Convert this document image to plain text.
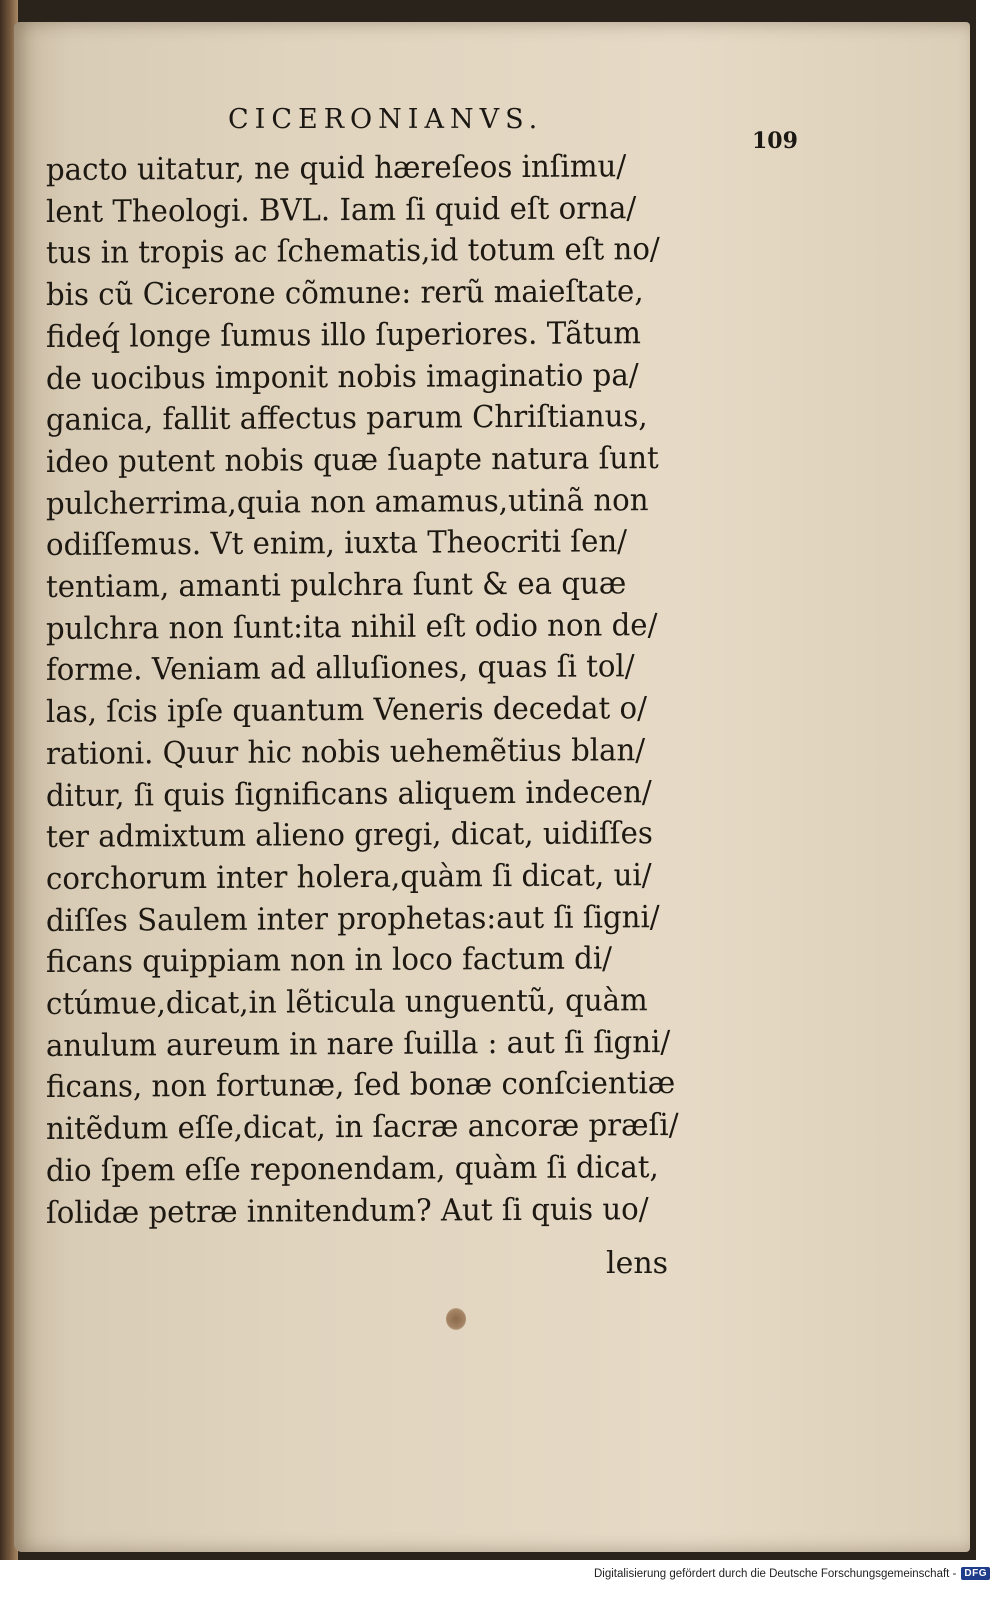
CICERONIANVS.
109
pacto uitatur, ne quid hæreſeos inſimu/
lent Theologi. BVL. Iam ſi quid eſt orna/
tus in tropis ac ſchematis,id totum eſt no/
bis cũ Cicerone cõmune: rerũ maieſtate,
fideq́ longe ſumus illo ſuperiores. Tãtum
de uocibus imponit nobis imaginatio pa/
ganica, fallit affectus parum Chriſtianus,
ideo putent nobis quæ ſuapte natura ſunt
pulcherrima,quia non amamus,utinã non
odiſſemus. Vt enim, iuxta Theocriti ſen/
tentiam, amanti pulchra ſunt & ea quæ
pulchra non ſunt:ita nihil eſt odio non de/
forme. Veniam ad alluſiones, quas ſi tol/
las, ſcis ipſe quantum Veneris decedat o/
rationi. Quur hic nobis uehemẽtius blan/
ditur, ſi quis ſignificans aliquem indecen/
ter admixtum alieno gregi, dicat, uidiſſes
corchorum inter holera,quàm ſi dicat, ui/
diſſes Saulem inter prophetas:aut ſi ſigni/
ficans quippiam non in loco factum di/
ctúmue,dicat,in lẽticula unguentũ, quàm
anulum aureum in nare ſuilla : aut ſi ſigni/
ficans, non fortunæ, ſed bonæ conſcientiæ
nitẽdum eſſe,dicat, in ſacræ ancoræ præſi/
dio ſpem eſſe reponendam, quàm ſi dicat,
ſolidæ petræ innitendum? Aut ſi quis uo/
lens
Digitalisierung gefördert durch die Deutsche Forschungsgemeinschaft - DFG
